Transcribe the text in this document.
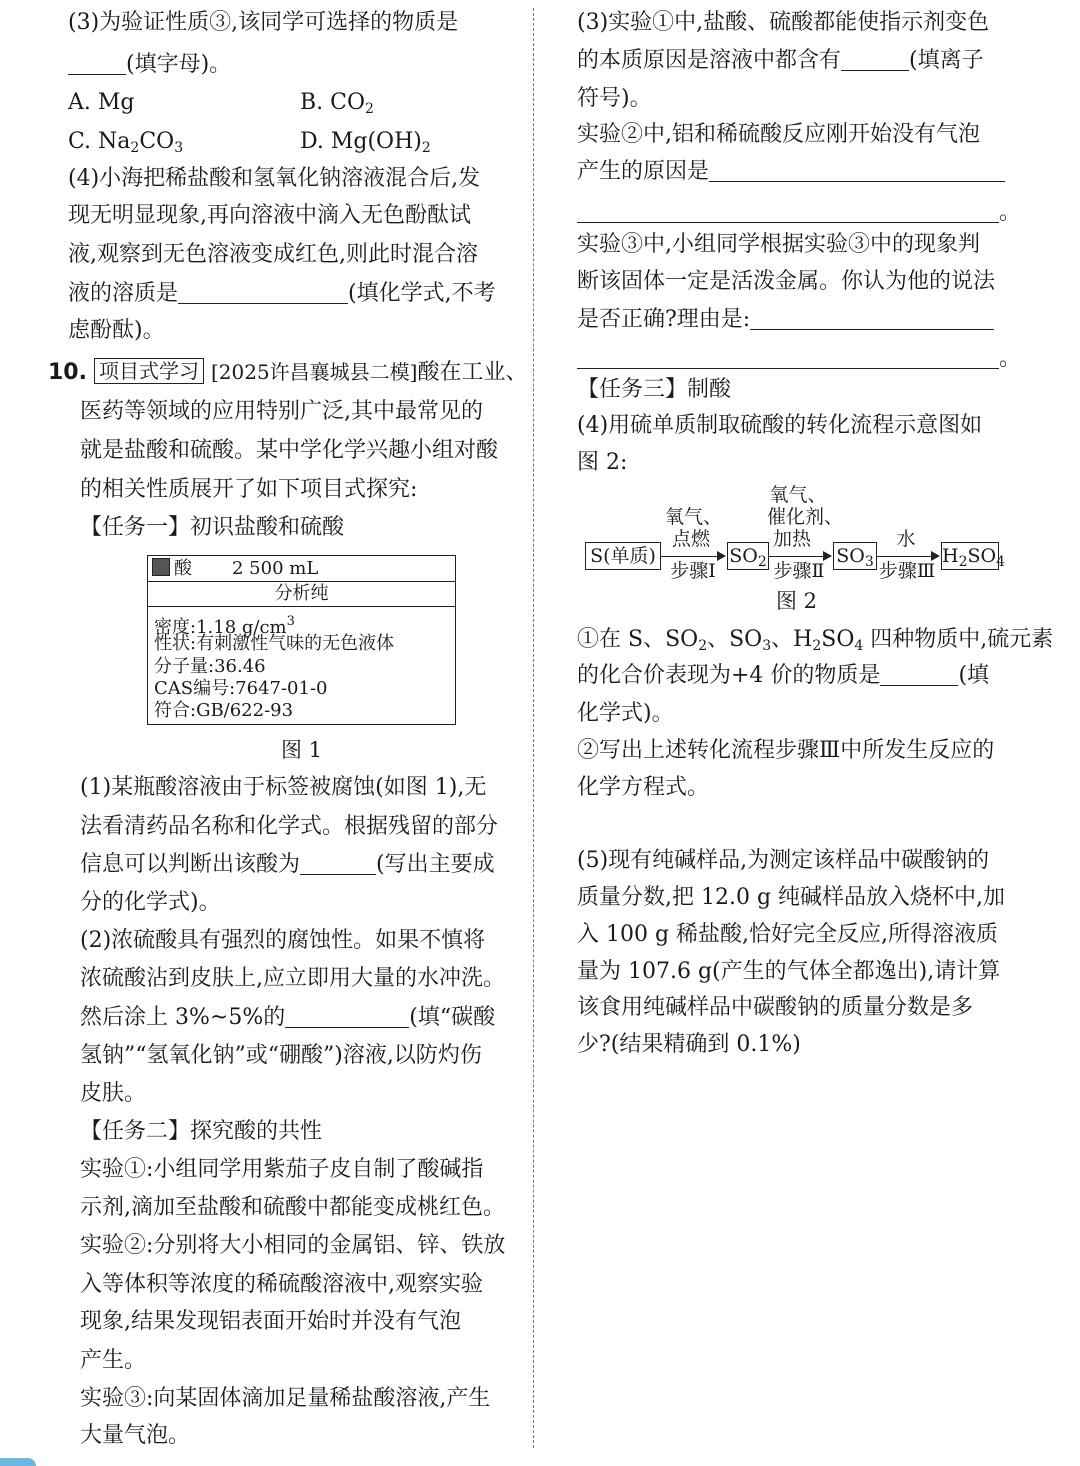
(3)为验证性质③,该同学可选择的物质是
(填字母)。
A. Mg	B. $CO_2$
C. $Na_2CO_3$	D. $Mg(OH)_2$
(4)小海把稀盐酸和氢氧化钠溶液混合后,发
现无明显现象,再向溶液中滴入无色酚酞试
液,观察到无色溶液变成红色,则此时混合溶
液的溶质是	(填化学式,不考
虑酚酞)。
10. 项目式学习 [2025许昌襄城县二模]酸在工业、
医药等领域的应用特别广泛,其中最常见的
就是盐酸和硫酸。某中学化学兴趣小组对酸
的相关性质展开了如下项目式探究:
【任务一】初识盐酸和硫酸
酸 2 500 mL
分析纯
密度:1.18 $g/cm^3$
性状:有刺激性气味的无色液体
分子量:36.46
CAS编号:7647-01-0
符合:GB/622-93
图 1
(1)某瓶酸溶液由于标签被腐蚀(如图 1),无
法看清药品名称和化学式。根据残留的部分
信息可以判断出该酸为	(写出主要成
分的化学式)。
(2)浓硫酸具有强烈的腐蚀性。如果不慎将
浓硫酸沾到皮肤上,应立即用大量的水冲洗。
然后涂上 3%~5%的	(填“碳酸
氢钠”“氢氧化钠”或“硼酸”)溶液,以防灼伤
皮肤。
【任务二】探究酸的共性
实验①:小组同学用紫茄子皮自制了酸碱指
示剂,滴加至盐酸和硫酸中都能变成桃红色。
实验②:分别将大小相同的金属铝、锌、铁放
入等体积等浓度的稀硫酸溶液中,观察实验
现象,结果发现铝表面开始时并没有气泡
产生。
实验③:向某固体滴加足量稀盐酸溶液,产生
大量气泡。
(3)实验①中,盐酸、硫酸都能使指示剂变色
的本质原因是溶液中都含有	(填离子
符号)。
实验②中,铝和稀硫酸反应刚开始没有气泡
产生的原因是
。
实验③中,小组同学根据实验③中的现象判
断该固体一定是活泼金属。你认为他的说法
是否正确?理由是:
。
【任务三】制酸
(4)用硫单质制取硫酸的转化流程示意图如
图 2:
S(单质)	$SO_2$	$SO_3$	$H_2SO_4$
氧气、
点燃
步骤Ⅰ
氧气、
催化剂、
加热
步骤Ⅱ
水
步骤Ⅲ
图 2
①在 S、$SO_2$、$SO_3$、$H_2SO_4$ 四种物质中,硫元素
的化合价表现为+4 价的物质是	(填
化学式)。
②写出上述转化流程步骤Ⅲ中所发生反应的
化学方程式。
(5)现有纯碱样品,为测定该样品中碳酸钠的
质量分数,把 12.0 g 纯碱样品放入烧杯中,加
入 100 g 稀盐酸,恰好完全反应,所得溶液质
量为 107.6 g(产生的气体全都逸出),请计算
该食用纯碱样品中碳酸钠的质量分数是多
少?(结果精确到 0.1%)
